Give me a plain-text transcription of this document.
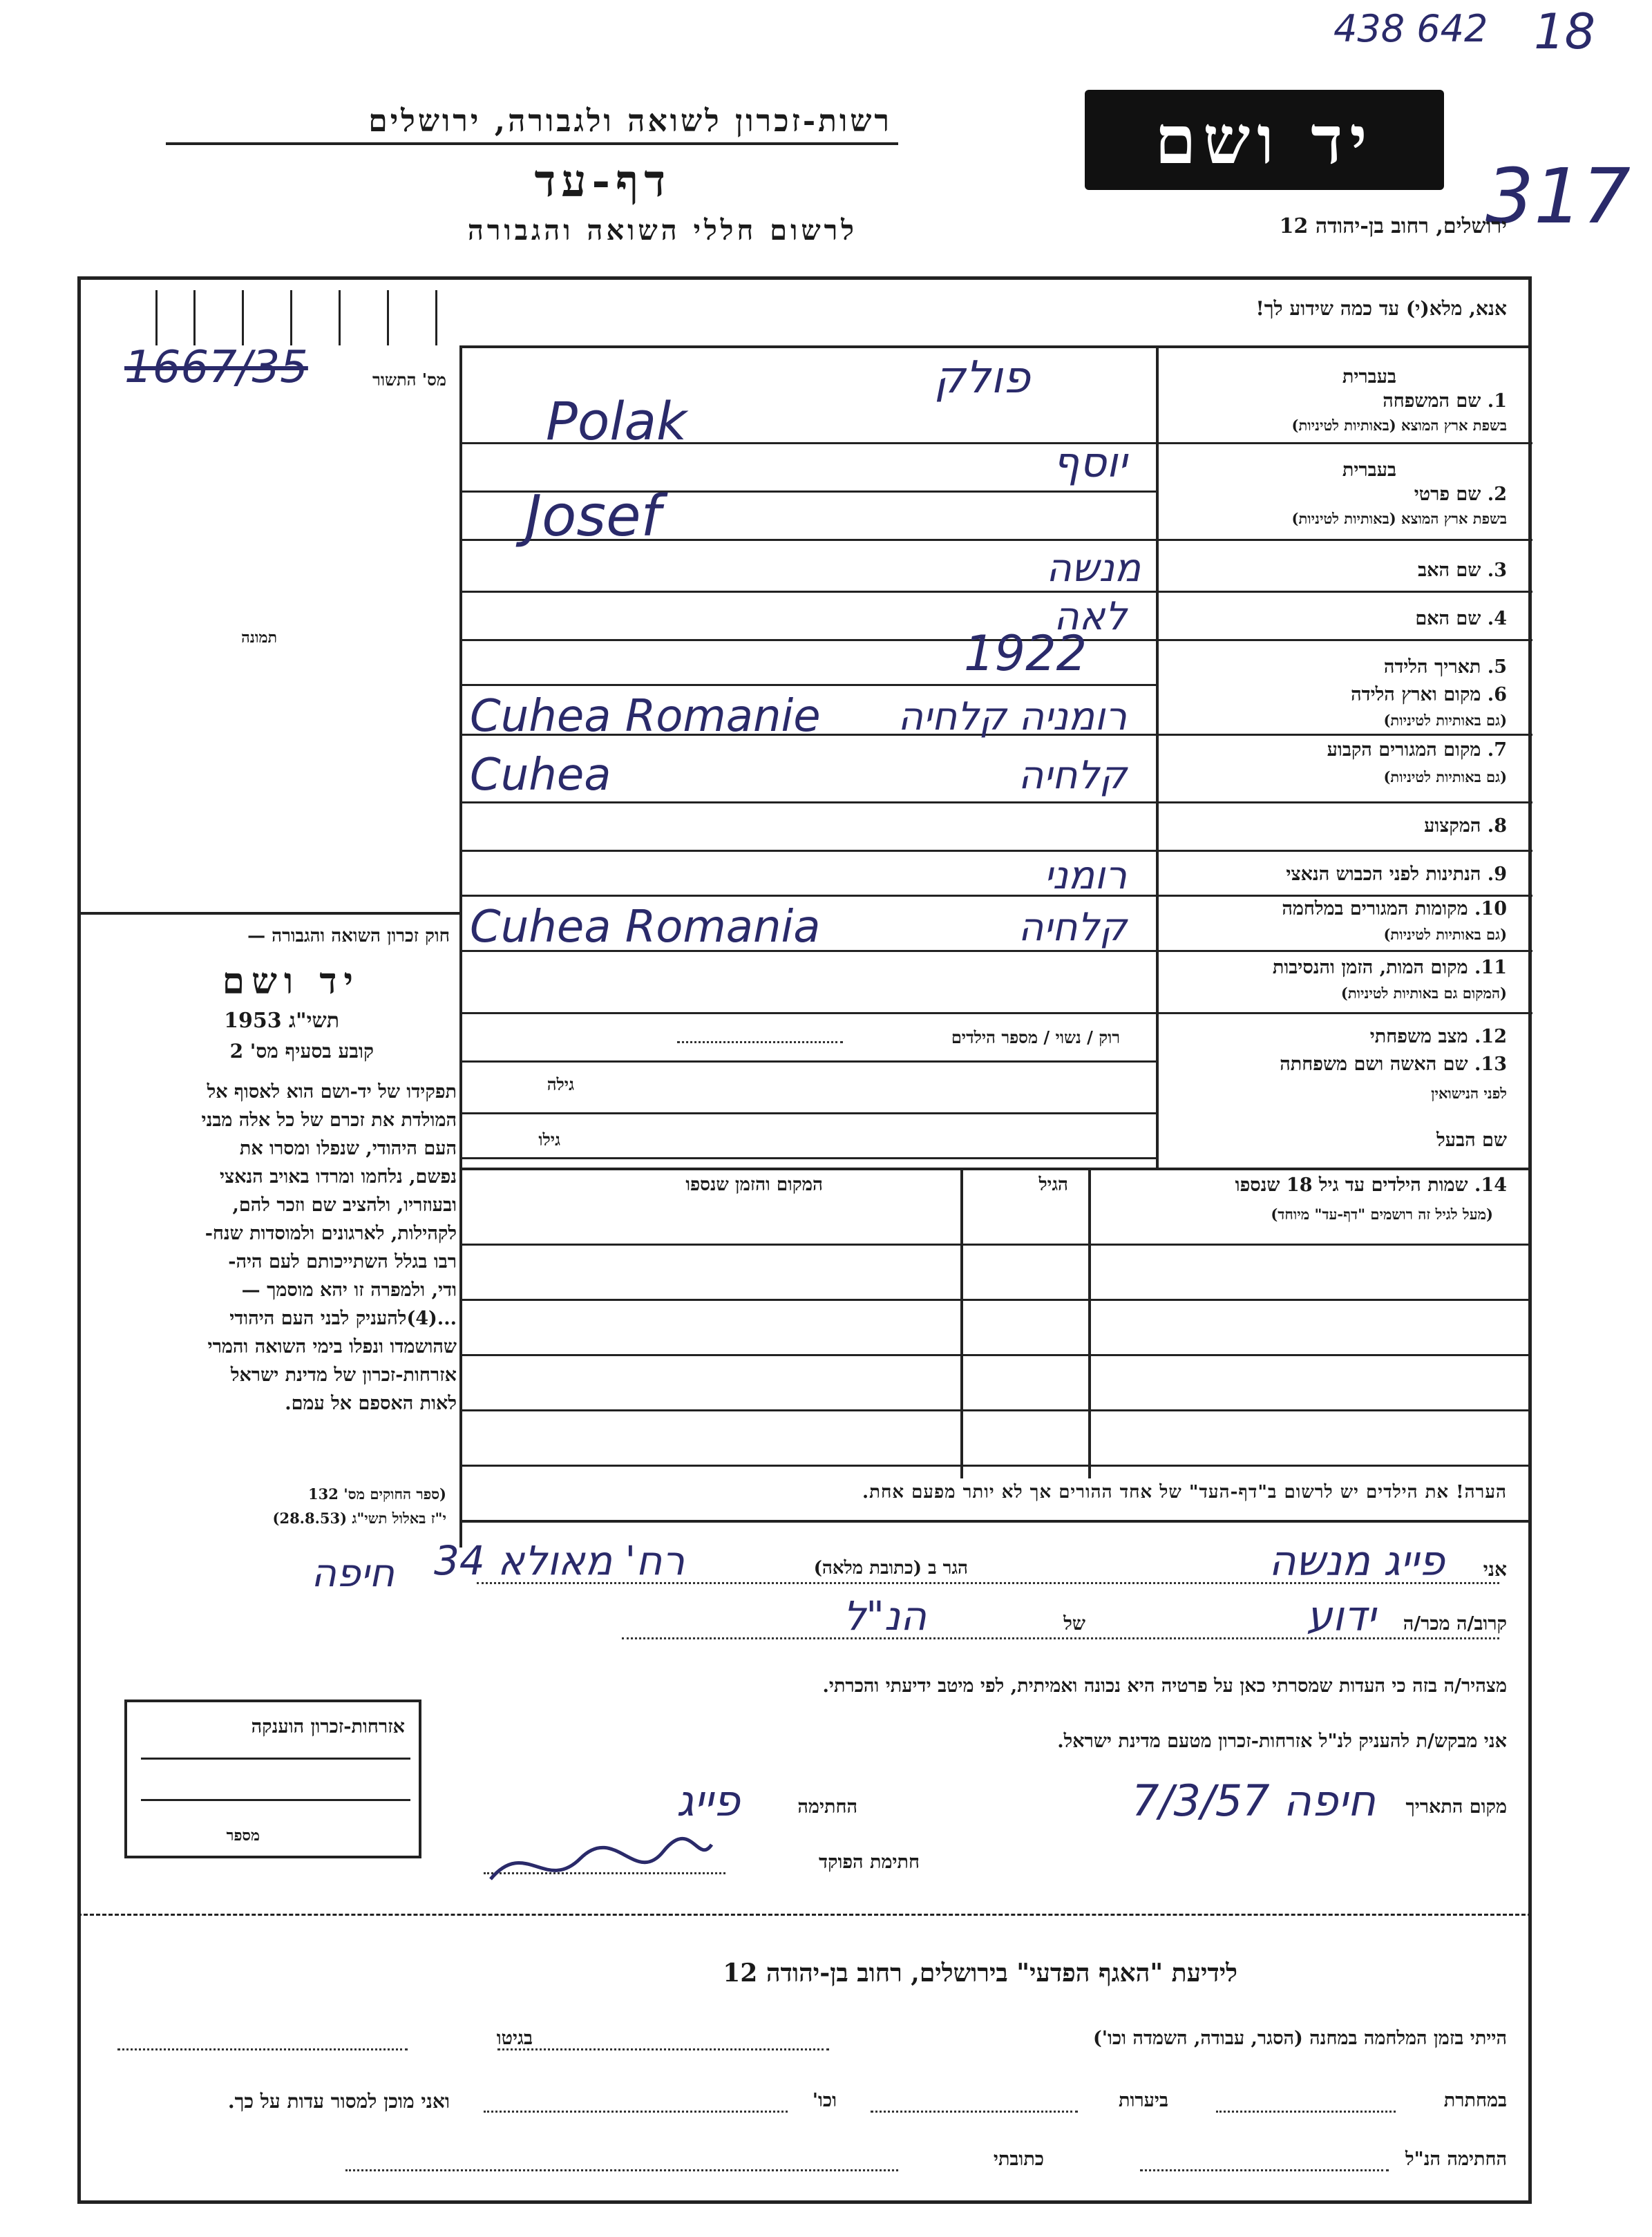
438 642 18
317
רשות-זכרון לשואה ולגבורה, ירושלים
דף-עד
לרשום חללי השואה והגבורה
יד ושם
ירושלים, רחוב בן-יהודה 12
מס' התשור
1667/35
תמונה
חוק זכרון השואה והגבורה —
יד ושם
תשי"ג 1953
קובע בסעיף מס' 2
תפקידו של יד-ושם הוא לאסוף אל
המולדת את זכרם של כל אלה מבני
העם היהודי, שנפלו ומסרו את
נפשם, נלחמו ומרדו באויב הנאצי
ובעוזריו, ולהציב שם וזכר להם,
לקהילות, לארגונים ולמוסדות שנח-
רבו בגלל השתייכותם לעם היה-
ודי, ולמפרה זו יהא מוסמך —
...(4)להעניק לבני העם היהודי
שהושמדו ונפלו בימי השואה והמרי
אזרחות-זכרון של מדינת ישראל
לאות האספם אל עמם.
(ספר החוקים מס' 132
י"ז באלול תשי"ג (28.8.53)
אנא, מלא(י) עד כמה שידוע לך!
בעברית
1. שם המשפחה
בשפת ארץ המוצא (באותיות לטיניות)
בעברית
2. שם פרטי
בשפת ארץ המוצא (באותיות לטיניות)
3. שם האב
4. שם האם
5. תאריך הלידה
6. מקום וארץ הלידה
(גם באותיות לטיניות)
7. מקום המגורים הקבוע
(גם באותיות לטיניות)
8. המקצוע
9. הנתינות לפני הכבוש הנאצי
10. מקומות המגורים במלחמה
(גם באותיות לטיניות)
11. מקום המות, הזמן והנסיבות
(המקום גם באותיות לטיניות)
12. מצב משפחתי
13. שם האשה ושם משפחתה
לפני הנישואין
שם הבעל
פולק
Polak
יוסף
Josef
מנשה
לאה
1922
רומניה קלחיה
Cuhea Romanie
קלחיה
Cuhea
רומני
קלחיה
Cuhea Romania
רוק / נשוי / מספר הילדים
גילה
גילו
14. שמות הילדים עד גיל 18 שנספו
(מעל לגיל זה רושמים "דף-עד" מיוחד)
הגיל
המקום והזמן שנספו
הערה! את הילדים יש לרשום ב"דף-העד" של אחד ההורים אך לא יותר מפעם אחת.
אני
פייג מנשה
הגר ב (כתובת מלאה)
רח' מאולא 34
חיפה
קרוב/ה מכר/ה
ידוע
של
הנ"ל
מצהיר/ה בזה כי העדות שמסרתי כאן על פרטיה היא נכונה ואמיתית, לפי מיטב ידיעתי והכרתי.
אני מבקש/ת להעניק לנ"ל אזרחות-זכרון מטעם מדינת ישראל.
מקום התאריך
חיפה 7/3/57
החתימה
פייג
חתימת הפוקד
אזרחות-זכרון הוענקה
מספר
לידיעת "האגף הפדעי" בירושלים, רחוב בן-יהודה 12
הייתי בזמן המלחמה במחנה (הסגר, עבודה, השמדה וכו')
בגיטו
במחתרת
ביערות
וכו'
ואני מוכן למסור עדות על כך.
החתימה הנ"ל
כתובתי
